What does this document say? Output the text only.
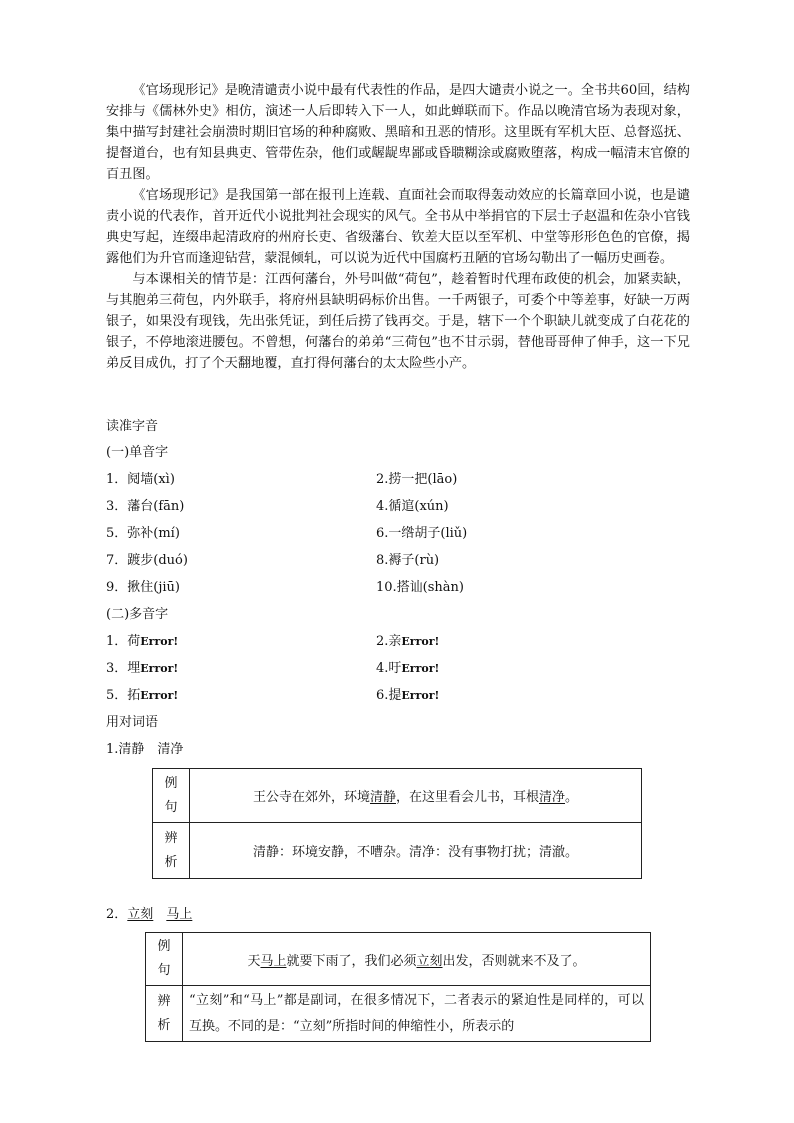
《官场现形记》是晚清谴责小说中最有代表性的作品，是四大谴责小说之一。全书共60回，结构安排与《儒林外史》相仿，演述一人后即转入下一人，如此蝉联而下。作品以晚清官场为表现对象，集中描写封建社会崩溃时期旧官场的种种腐败、黑暗和丑恶的情形。这里既有军机大臣、总督巡抚、提督道台，也有知县典吏、管带佐杂，他们或龌龊卑鄙或昏聩糊涂或腐败堕落，构成一幅清末官僚的百丑图。

《官场现形记》是我国第一部在报刊上连载、直面社会而取得轰动效应的长篇章回小说，也是谴责小说的代表作，首开近代小说批判社会现实的风气。全书从中举捐官的下层士子赵温和佐杂小官钱典史写起，连缀串起清政府的州府长吏、省级藩台、钦差大臣以至军机、中堂等形形色色的官僚，揭露他们为升官而逢迎钻营，蒙混倾轧，可以说为近代中国腐朽丑陋的官场勾勒出了一幅历史画卷。

与本课相关的情节是：江西何藩台，外号叫做“荷包”，趁着暂时代理布政使的机会，加紧卖缺，与其胞弟三荷包，内外联手，将府州县缺明码标价出售。一千两银子，可委个中等差事，好缺一万两银子，如果没有现钱，先出张凭证，到任后捞了钱再交。于是，辖下一个个职缺儿就变成了白花花的银子，不停地滚进腰包。不曾想，何藩台的弟弟“三荷包”也不甘示弱，替他哥哥伸了伸手，这一下兄弟反目成仇，打了个天翻地覆，直打得何藩台的太太险些小产。

读准字音
(一)单音字
1．阋墙(xì)	2.捞一把(lāo)
3．藩台(fān)	4.循逭(xún)
5．弥补(mí)	6.一绺胡子(liǔ)
7．踱步(duó)	8.褥子(rù)
9．揪住(jiū)	10.搭讪(shàn)
(二)多音字
1．荷Error!	2.亲Error!
3．埋Error!	4.吁Error!
5．拓Error!	6.提Error!
用对词语
1.清静　清净
例
句	王公寺在郊外，环境清静，在这里看会儿书，耳根清净。

辨
析	清静：环境安静，不嘈杂。清净：没有事物打扰；清澈。
2．立刻　 马上
例
句	天马上就要下雨了，我们必须立刻出发，否则就来不及了。

辨
析	“立刻”和“马上”都是副词，在很多情况下，二者表示的紧迫性是同样的，可以互换。不同的是：“立刻”所指时间的伸缩性小，所表示的
